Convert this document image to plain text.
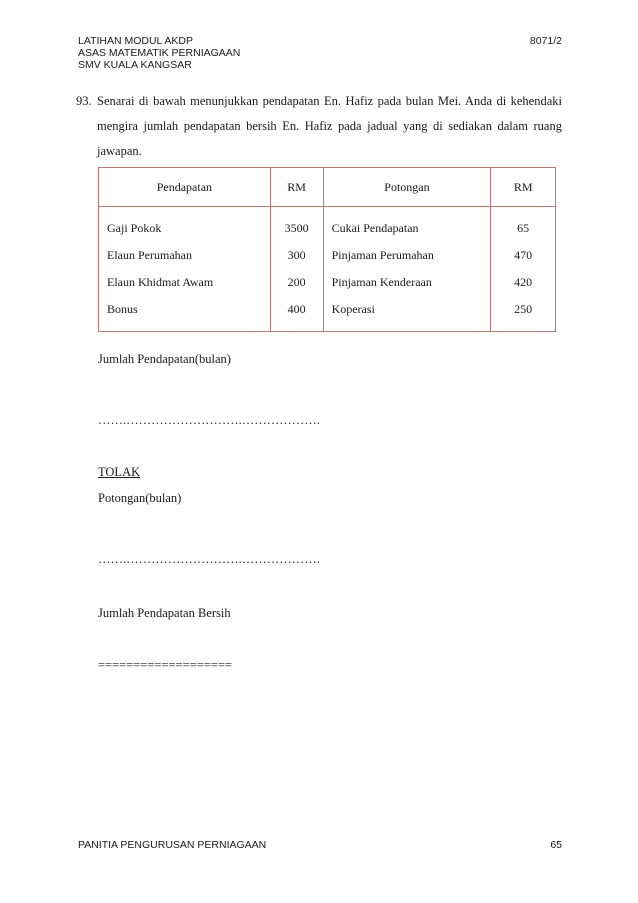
LATIHAN MODUL AKDP
ASAS MATEMATIK PERNIAGAAN
SMV KUALA KANGSAR
8071/2
93. Senarai di bawah menunjukkan pendapatan En. Hafiz pada bulan Mei. Anda di kehendaki mengira jumlah pendapatan bersih En. Hafiz pada jadual yang di sediakan dalam ruang jawapan.
Pendapatan	RM	Potongan	RM
Gaji Pokok	3500	Cukai Pendapatan	65
Elaun Perumahan	300	Pinjaman Perumahan	470
Elaun Khidmat Awam	200	Pinjaman Kenderaan	420
Bonus	400	Koperasi	250
Jumlah Pendapatan(bulan)
…….……………………….……………….
TOLAK
Potongan(bulan)
…….……………………….……………….
Jumlah Pendapatan Bersih
===================
PANITIA PENGURUSAN PERNIAGAAN	65
